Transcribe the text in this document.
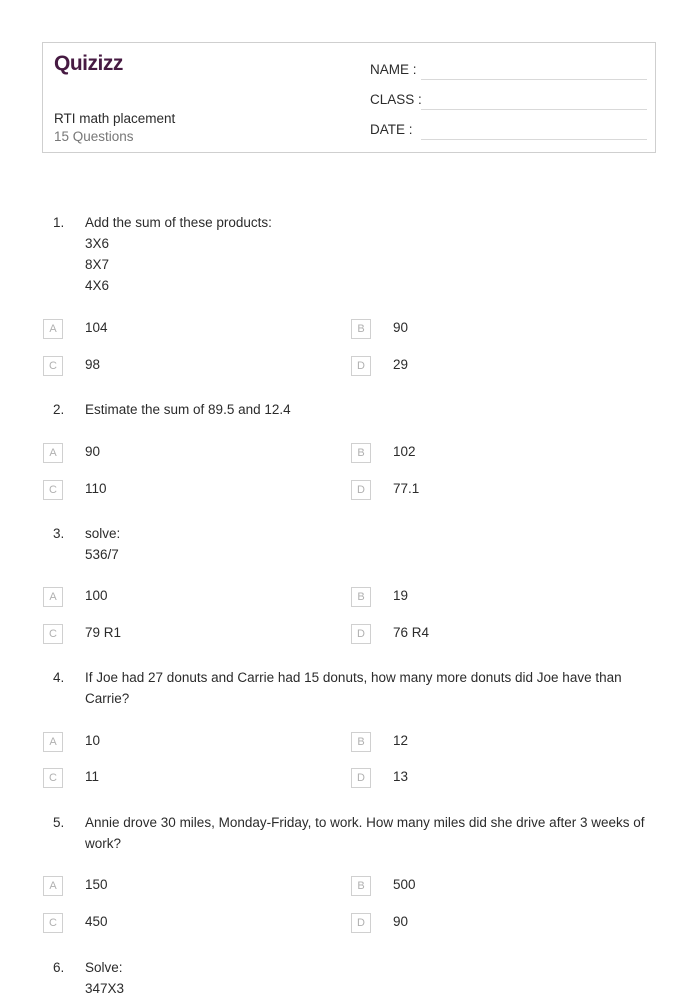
Quizizz
RTI math placement
15 Questions
NAME :
CLASS :
DATE :
1. Add the sum of these products:
3X6
8X7
4X6
A	104	B	90
C	98	D	29
2. Estimate the sum of 89.5 and 12.4
A	90	B	102
C	110	D	77.1
3. solve:
536/7
A	100	B	19
C	79 R1	D	76 R4
4. If Joe had 27 donuts and Carrie had 15 donuts, how many more donuts did Joe have than Carrie?
A	10	B	12
C	11	D	13
5. Annie drove 30 miles, Monday-Friday, to work. How many miles did she drive after 3 weeks of work?
A	150	B	500
C	450	D	90
6. Solve:
347X3
